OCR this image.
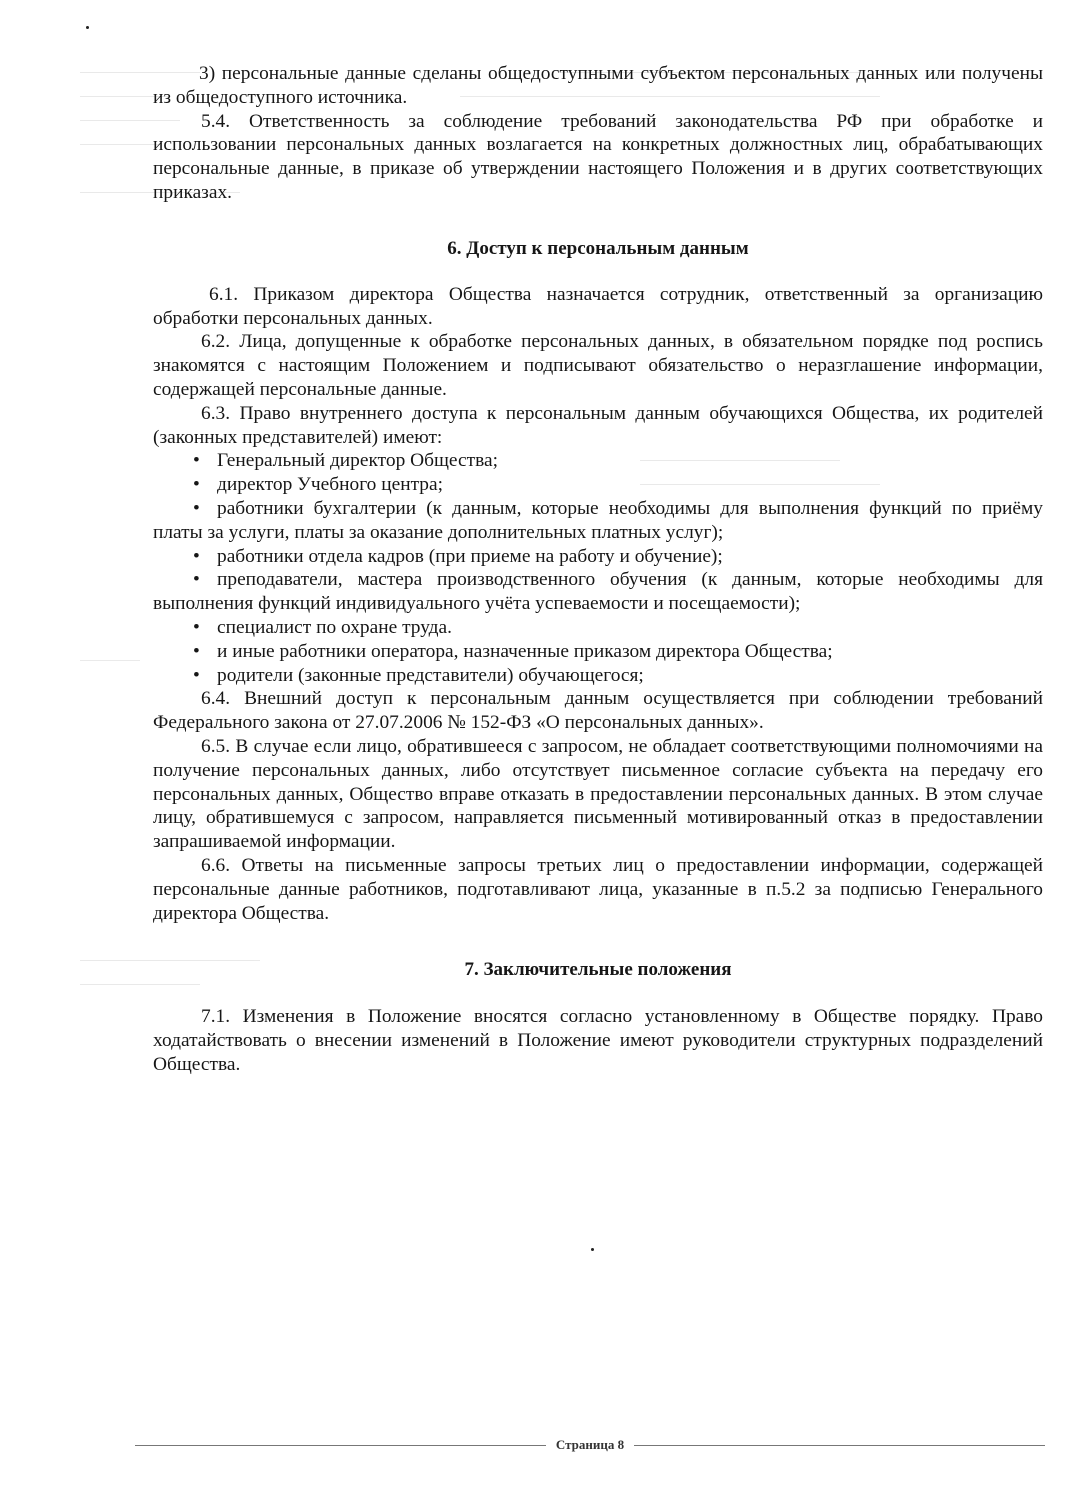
3) персональные данные сделаны общедоступными субъектом персональных данных или получены из общедоступного источника.

5.4. Ответственность за соблюдение требований законодательства РФ при обработке и использовании персональных данных возлагается на конкретных должностных лиц, обрабатывающих персональные данные, в приказе об утверждении настоящего Положения и в других соответствующих приказах.

6. Доступ к персональным данным

6.1. Приказом директора Общества назначается сотрудник, ответственный за организацию обработки персональных данных.

6.2. Лица, допущенные к обработке персональных данных, в обязательном порядке под роспись знакомятся с настоящим Положением и подписывают обязательство о неразглашение информации, содержащей персональные данные.

6.3. Право внутреннего доступа к персональным данным обучающихся Общества, их родителей (законных представителей) имеют:

• Генеральный директор Общества;
• директор Учебного центра;
• работники бухгалтерии (к данным, которые необходимы для выполнения функций по приёму платы за услуги, платы за оказание дополнительных платных услуг);
• работники отдела кадров (при приеме на работу и обучение);
• преподаватели, мастера производственного обучения (к данным, которые необходимы для выполнения функций индивидуального учёта успеваемости и посещаемости);
• специалист по охране труда.
• и иные работники оператора, назначенные приказом директора Общества;
• родители (законные представители) обучающегося;

6.4. Внешний доступ к персональным данным осуществляется при соблюдении требований Федерального закона от 27.07.2006 № 152-ФЗ «О персональных данных».

6.5. В случае если лицо, обратившееся с запросом, не обладает соответствующими полномочиями на получение персональных данных, либо отсутствует письменное согласие субъекта на передачу его персональных данных, Общество вправе отказать в предоставлении персональных данных. В этом случае лицу, обратившемуся с запросом, направляется письменный мотивированный отказ в предоставлении запрашиваемой информации.

6.6. Ответы на письменные запросы третьих лиц о предоставлении информации, содержащей персональные данные работников, подготавливают лица, указанные в п.5.2 за подписью Генерального директора Общества.

7. Заключительные положения

7.1. Изменения в Положение вносятся согласно установленному в Обществе порядку. Право ходатайствовать о внесении изменений в Положение имеют руководители структурных подразделений Общества.

Страница 8
